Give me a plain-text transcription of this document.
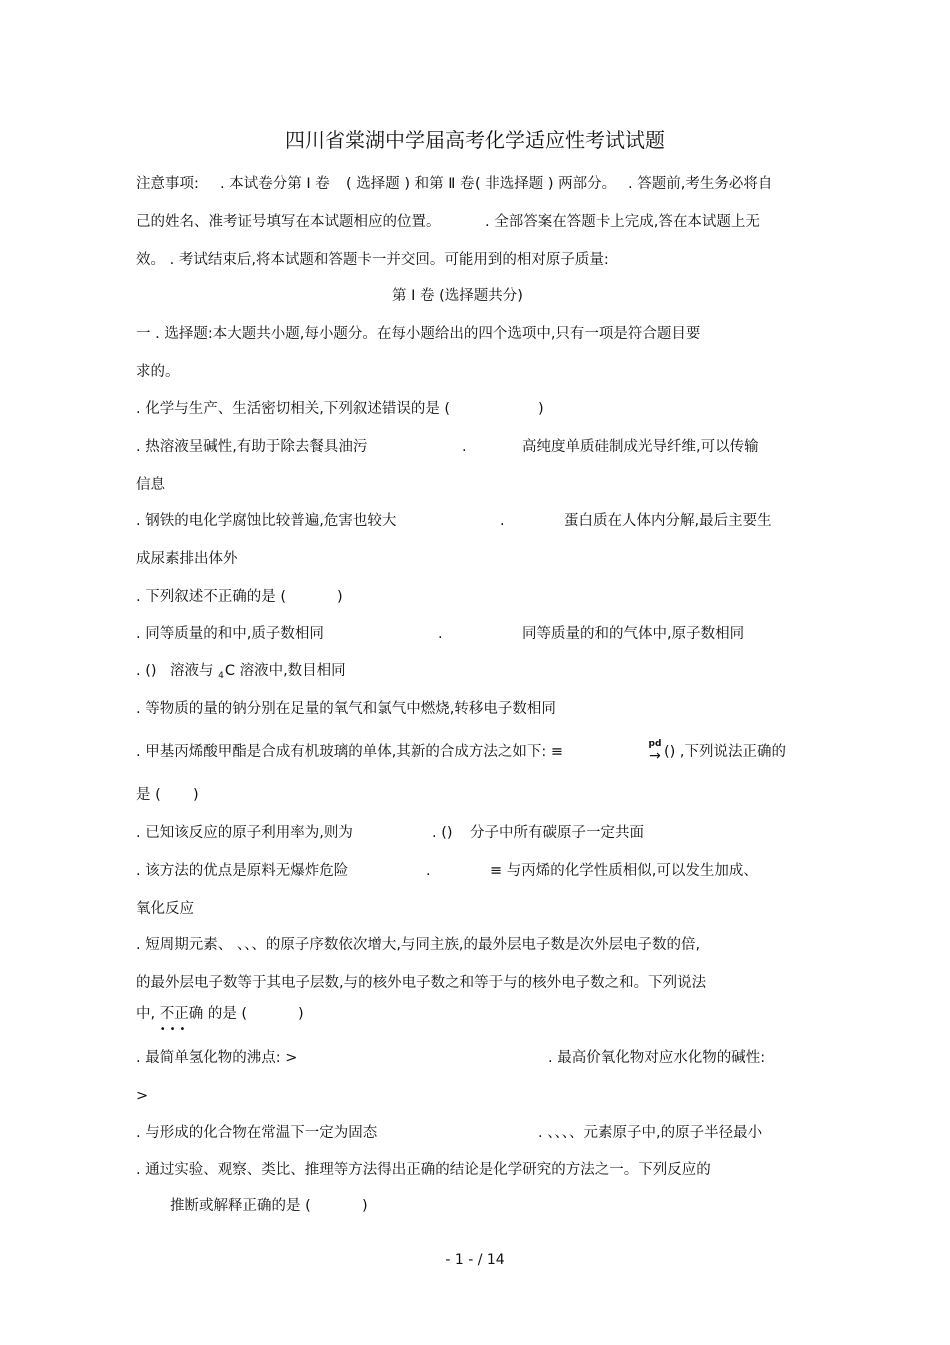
四川省棠湖中学届高考化学适应性考试试题
注意事项: . 本试卷分第 Ⅰ 卷 ( 选择题 ) 和第 Ⅱ 卷 ( 非选择题 ) 两部分。 . 答题前,考生务必将自
己的姓名、准考证号填写在本试题相应的位置。	. 全部答案在答题卡上完成,答在本试题上无
效。 . 考试结束后,将本试题和答题卡一并交回。可能用到的相对原子质量:
第 Ⅰ 卷 (选择题共分)
一 . 选择题:本大题共小题,每小题分。在每小题给出的四个选项中,只有一项是符合题目要
求的。
. 化学与生产、生活密切相关,下列叙述错误的是 (	)
. 热溶液呈碱性,有助于除去餐具油污	.	高纯度单质硅制成光导纤维,可以传输
信息
. 钢铁的电化学腐蚀比较普遍,危害也较大	.	蛋白质在人体内分解,最后主要生
成尿素排出体外
. 下列叙述不正确的是 (	)
. 同等质量的和中,质子数相同	.	同等质量的和的气体中,原子数相同
. () 溶液与 $_4$C 溶液中,数目相同
. 等物质的量的钠分别在足量的氧气和氯气中燃烧,转移电子数相同
. 甲基丙烯酸甲酯是合成有机玻璃的单体,其新的合成方法之如下: ≡	pd
→ () ,下列说法正确的
是 ( )
. 已知该反应的原子利用率为,则为	. () 分子中所有碳原子一定共面
. 该方法的优点是原料无爆炸危险	.	≡ 与丙烯的化学性质相似,可以发生加成、
氧化反应
. 短周期元素、 、、、的原子序数依次增大,与同主族,的最外层电子数是次外层电子数的倍,
的最外层电子数等于其电子层数,与的核外电子数之和等于与的核外电子数之和。下列说法
中, 不正确
•••
的是 (	)
. 最简单氢化物的沸点: >	. 最高价氧化物对应水化物的碱性:
>
. 与形成的化合物在常温下一定为固态	. 、、、、元素原子中,的原子半径最小
. 通过实验、观察、类比、推理等方法得出正确的结论是化学研究的方法之一。下列反应的
推断或解释正确的是 (	)
- 1 - / 14
